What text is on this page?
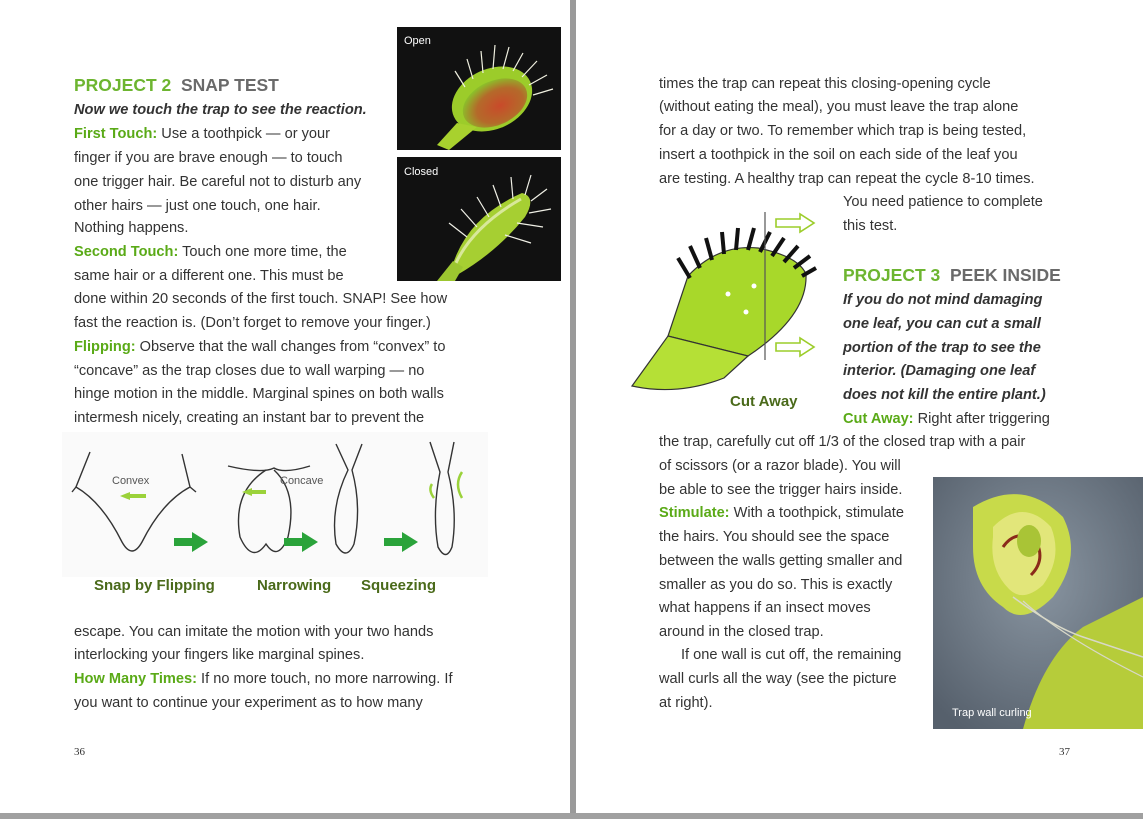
PROJECT 2 SNAP TEST
Now we touch the trap to see the reaction.
First Touch: Use a toothpick — or your
finger if you are brave enough — to touch
one trigger hair. Be careful not to disturb any
other hairs — just one touch, one hair.
Nothing happens.
Second Touch: Touch one more time, the
same hair or a different one. This must be
done within 20 seconds of the first touch. SNAP! See how
fast the reaction is. (Don’t forget to remove your finger.)
Flipping: Observe that the wall changes from “convex” to
“concave” as the trap closes due to wall warping — no
hinge motion in the middle. Marginal spines on both walls
intermesh nicely, creating an instant bar to prevent the
Open
Closed
Convex	Concave
Snap by Flipping	Narrowing Squeezing
escape. You can imitate the motion with your two hands
interlocking your fingers like marginal spines.
How Many Times: If no more touch, no more narrowing. If
you want to continue your experiment as to how many
36
times the trap can repeat this closing-opening cycle
(without eating the meal), you must leave the trap alone
for a day or two. To remember which trap is being tested,
insert a toothpick in the soil on each side of the leaf you
are testing. A healthy trap can repeat the cycle 8-10 times.
You need patience to complete
this test.
Cut Away
PROJECT 3 PEEK INSIDE
If you do not mind damaging
one leaf, you can cut a small
portion of the trap to see the
interior. (Damaging one leaf
does not kill the entire plant.)
Cut Away: Right after triggering
the trap, carefully cut off 1/3 of the closed trap with a pair
of scissors (or a razor blade). You will
be able to see the trigger hairs inside.
Stimulate: With a toothpick, stimulate
the hairs. You should see the space
between the walls getting smaller and
smaller as you do so. This is exactly
what happens if an insect moves
around in the closed trap.
If one wall is cut off, the remaining
wall curls all the way (see the picture
at right).
Trap wall curling
37
